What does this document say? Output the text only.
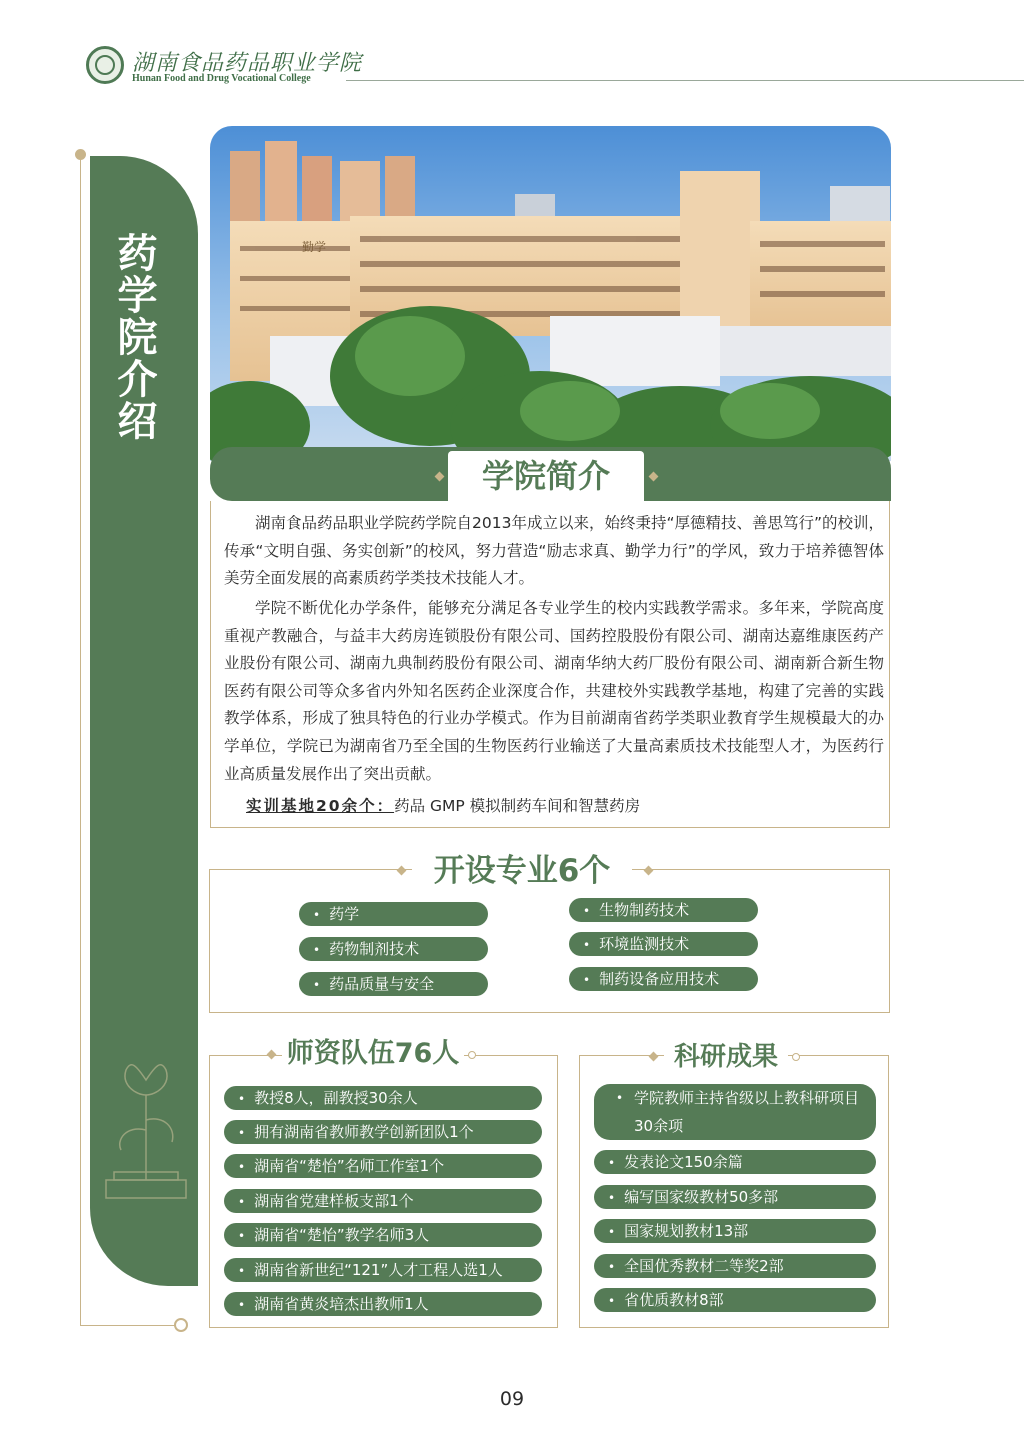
湖南食品药品职业学院
Hunan Food and Drug Vocational College
药学院介绍	勤学
学院简介

湖南食品药品职业学院药学院自2013年成立以来，始终秉持“厚德精技、善思笃行”的校训，传承“文明自强、务实创新”的校风，努力营造“励志求真、勤学力行”的学风，致力于培养德智体美劳全面发展的高素质药学类技术技能人才。

学院不断优化办学条件，能够充分满足各专业学生的校内实践教学需求。多年来，学院高度重视产教融合，与益丰大药房连锁股份有限公司、国药控股股份有限公司、湖南达嘉维康医药产业股份有限公司、湖南九典制药股份有限公司、湖南华纳大药厂股份有限公司、湖南新合新生物医药有限公司等众多省内外知名医药企业深度合作，共建校外实践教学基地，构建了完善的实践教学体系，形成了独具特色的行业办学模式。作为目前湖南省药学类职业教育学生规模最大的办学单位，学院已为湖南省乃至全国的生物医药行业输送了大量高素质技术技能型人才，为医药行业高质量发展作出了突出贡献。

实训基地20余个：药品 GMP 模拟制药车间和智慧药房
开设专业6个
• 药学
• 药物制剂技术
• 药品质量与安全
• 生物制药技术
• 环境监测技术
• 制药设备应用技术
师资队伍76人
• 教授8人，副教授30余人
• 拥有湖南省教师教学创新团队1个
• 湖南省“楚怡”名师工作室1个
• 湖南省党建样板支部1个
• 湖南省“楚怡”教学名师3人
• 湖南省新世纪“121”人才工程人选1人
• 湖南省黄炎培杰出教师1人
科研成果
• 学院教师主持省级以上教科研项目30余项
• 发表论文150余篇
• 编写国家级教材50多部
• 国家规划教材13部
• 全国优秀教材二等奖2部
• 省优质教材8部
09
